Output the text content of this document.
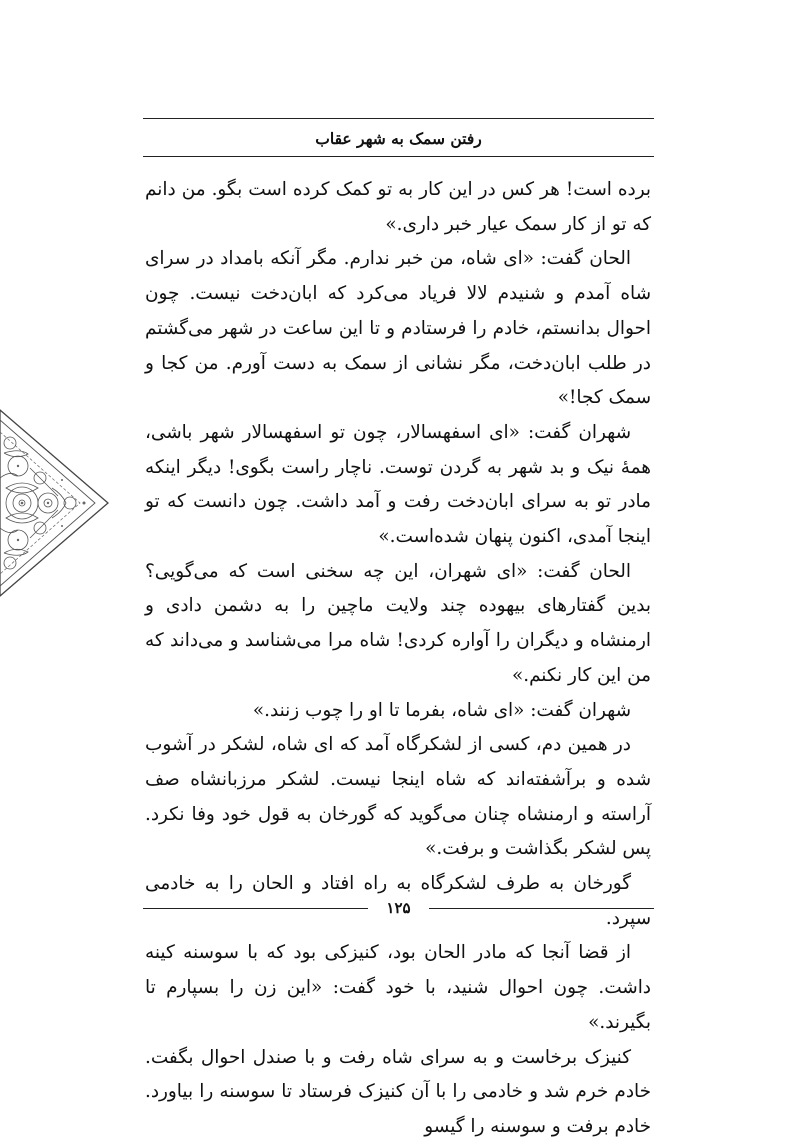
رفتن سمک به شهر عقاب

برده است! هر کس در این کار به تو کمک کرده است بگو. من دانم که تو از کار سمک عیار خبر داری.»

الحان گفت: «ای شاه، من خبر ندارم. مگر آنکه بامداد در سرای شاه آمدم و شنیدم لالا فریاد می‌کرد که ابان‌دخت نیست. چون احوال بدانستم، خادم را فرستادم و تا این ساعت در شهر می‌گشتم در طلب ابان‌دخت، مگر نشانی از سمک به دست آورم. من کجا و سمک کجا!»

شهران گفت: «ای اسفهسالار، چون تو اسفهسالار شهر باشی، همهٔ نیک و بد شهر به گردن توست. ناچار راست بگوی! دیگر اینکه مادر تو به سرای ابان‌دخت رفت و آمد داشت. چون دانست که تو اینجا آمدی، اکنون پنهان شده‌است.»

الحان گفت: «ای شهران، این چه سخنی است که می‌گویی؟ بدین گفتارهای بیهوده چند ولایت ماچین را به دشمن دادی و ارمنشاه و دیگران را آواره کردی! شاه مرا می‌شناسد و می‌داند که من این کار نکنم.»

شهران گفت: «ای شاه، بفرما تا او را چوب زنند.»

در همین دم، کسی از لشکرگاه آمد که ای شاه، لشکر در آشوب شده و برآشفته‌اند که شاه اینجا نیست. لشکر مرزبانشاه صف آراسته و ارمنشاه چنان می‌گوید که گورخان به قول خود وفا نکرد. پس لشکر بگذاشت و برفت.»

گورخان به طرف لشکرگاه به راه افتاد و الحان را به خادمی سپرد.

از قضا آنجا که مادر الحان بود، کنیزکی بود که با سوسنه کینه داشت. چون احوال شنید، با خود گفت: «این زن را بسپارم تا بگیرند.»

کنیزک برخاست و به سرای شاه رفت و با صندل احوال بگفت. خادم خرم شد و خادمی را با آن کنیزک فرستاد تا سوسنه را بیاورد. خادم برفت و سوسنه را گیسو

۱۲۵
